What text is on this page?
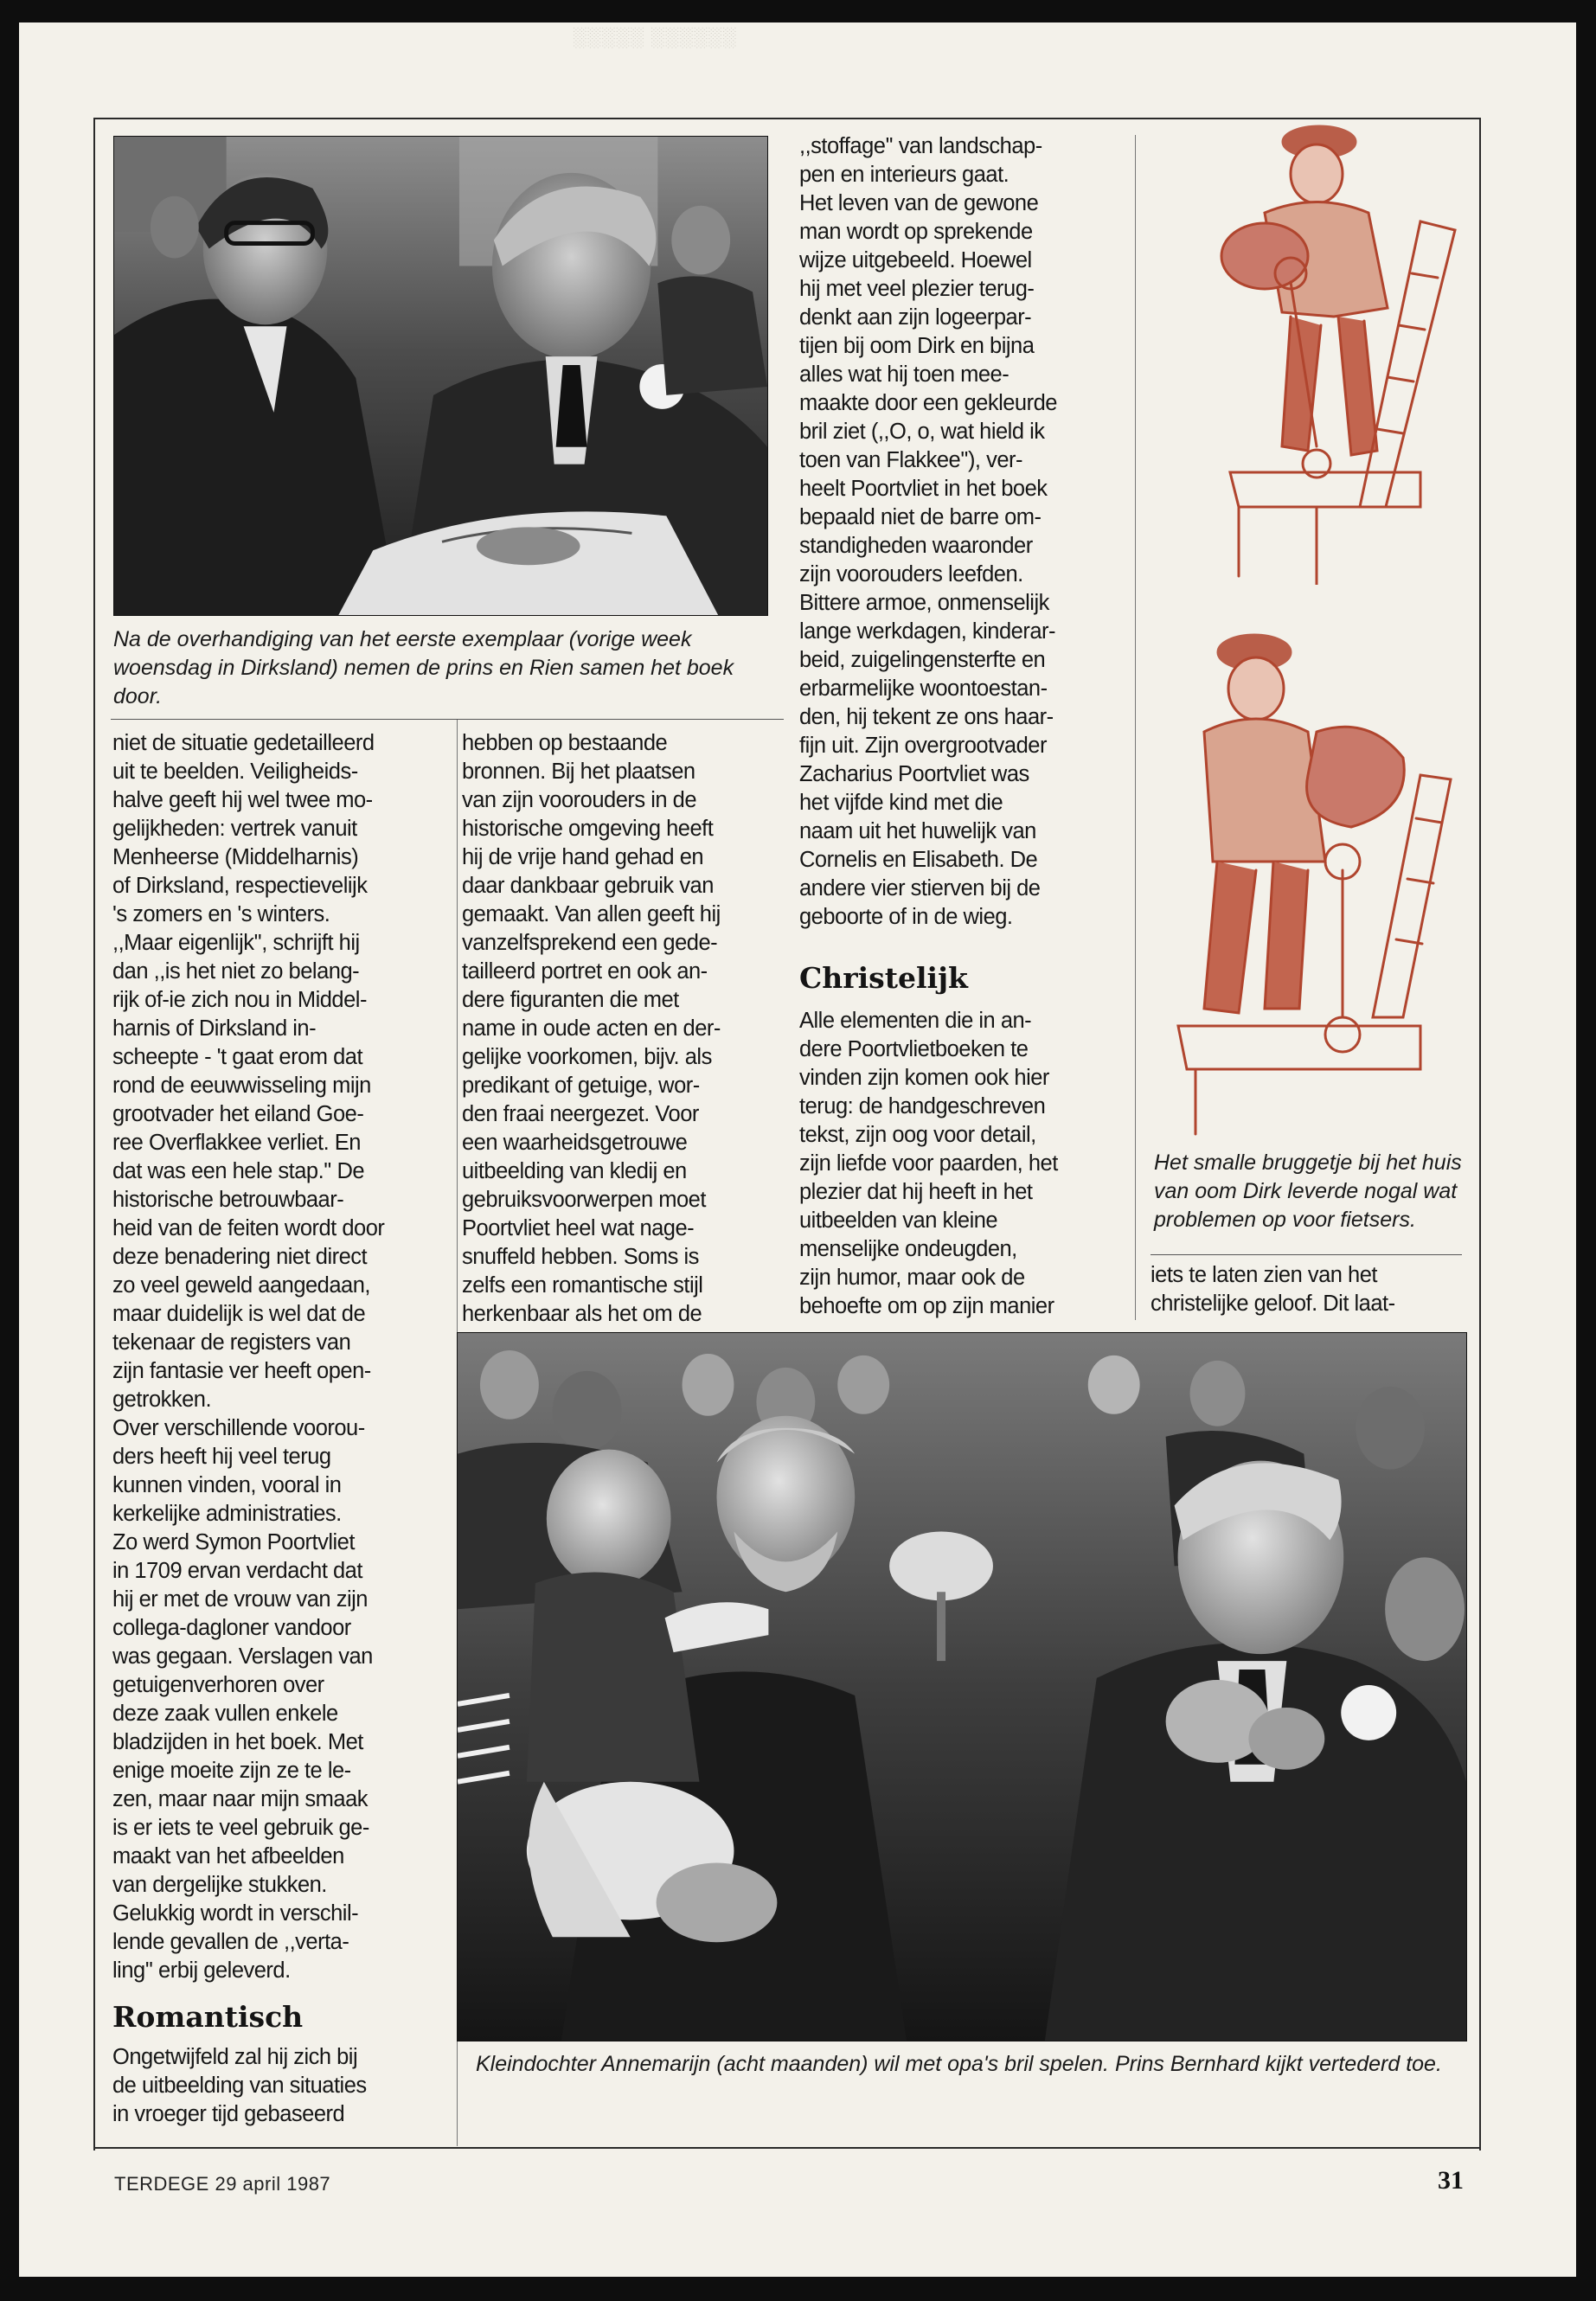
░░░░░ ░░░░░░
Na de overhandiging van het eerste exemplaar (vorige week woensdag in Dirksland) nemen de prins en Rien samen het boek door.

niet de situatie gedetailleerd

uit te beelden. Veiligheids-

halve geeft hij wel twee mo-

gelijkheden: vertrek vanuit

Menheerse (Middelharnis)

of Dirksland, respectievelijk

's zomers en 's winters.

,,Maar eigenlijk'', schrijft hij

dan ,,is het niet zo belang-

rijk of-ie zich nou in Middel-

harnis of Dirksland in-

scheepte - 't gaat erom dat

rond de eeuwwisseling mijn

grootvader het eiland Goe-

ree Overflakkee verliet. En

dat was een hele stap.'' De

historische betrouwbaar-

heid van de feiten wordt door

deze benadering niet direct

zo veel geweld aangedaan,

maar duidelijk is wel dat de

tekenaar de registers van

zijn fantasie ver heeft open-

getrokken.

Over verschillende voorou-

ders heeft hij veel terug

kunnen vinden, vooral in

kerkelijke administraties.

Zo werd Symon Poortvliet

in 1709 ervan verdacht dat

hij er met de vrouw van zijn

collega-dagloner vandoor

was gegaan. Verslagen van

getuigenverhoren over

deze zaak vullen enkele

bladzijden in het boek. Met

enige moeite zijn ze te le-

zen, maar naar mijn smaak

is er iets te veel gebruik ge-

maakt van het afbeelden

van dergelijke stukken.

Gelukkig wordt in verschil-

lende gevallen de ,,verta-

ling'' erbij geleverd.

Romantisch

Ongetwijfeld zal hij zich bij

de uitbeelding van situaties

in vroeger tijd gebaseerd

hebben op bestaande

bronnen. Bij het plaatsen

van zijn voorouders in de

historische omgeving heeft

hij de vrije hand gehad en

daar dankbaar gebruik van

gemaakt. Van allen geeft hij

vanzelfsprekend een gede-

tailleerd portret en ook an-

dere figuranten die met

name in oude acten en der-

gelijke voorkomen, bijv. als

predikant of getuige, wor-

den fraai neergezet. Voor

een waarheidsgetrouwe

uitbeelding van kledij en

gebruiksvoorwerpen moet

Poortvliet heel wat nage-

snuffeld hebben. Soms is

zelfs een romantische stijl

herkenbaar als het om de

,,stoffage'' van landschap-

pen en interieurs gaat.

Het leven van de gewone

man wordt op sprekende

wijze uitgebeeld. Hoewel

hij met veel plezier terug-

denkt aan zijn logeerpar-

tijen bij oom Dirk en bijna

alles wat hij toen mee-

maakte door een gekleurde

bril ziet (,,O, o, wat hield ik

toen van Flakkee''), ver-

heelt Poortvliet in het boek

bepaald niet de barre om-

standigheden waaronder

zijn voorouders leefden.

Bittere armoe, onmenselijk

lange werkdagen, kinderar-

beid, zuigelingensterfte en

erbarmelijke woontoestan-

den, hij tekent ze ons haar-

fijn uit. Zijn overgrootvader

Zacharius Poortvliet was

het vijfde kind met die

naam uit het huwelijk van

Cornelis en Elisabeth. De

andere vier stierven bij de

geboorte of in de wieg.

Christelijk

Alle elementen die in an-

dere Poortvlietboeken te

vinden zijn komen ook hier

terug: de handgeschreven

tekst, zijn oog voor detail,

zijn liefde voor paarden, het

plezier dat hij heeft in het

uitbeelden van kleine

menselijke ondeugden,

zijn humor, maar ook de

behoefte om op zijn manier

iets te laten zien van het

christelijke geloof. Dit laat-

Het smalle bruggetje bij het huis van oom Dirk leverde nogal wat problemen op voor fietsers.
Kleindochter Annemarijn (acht maanden) wil met opa's bril spelen. Prins Bernhard kijkt vertederd toe.
TERDEGE 29 april 1987	31
